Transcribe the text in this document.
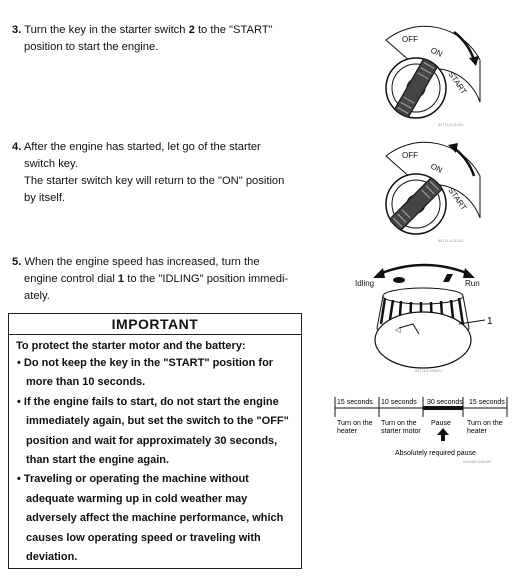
3. Turn the key in the starter switch 2 to the "START"
position to start the engine.
4. After the engine has started, let go of the starter
switch key.
The starter switch key will return to the "ON" position
by itself.
5. When the engine speed has increased, turn the
engine control dial 1 to the "IDLING" position immedi-
ately.
IMPORTANT
To protect the starter motor and the battery:
• Do not keep the key in the "START" position for more than 10 seconds.
• If the engine fails to start, do not start the engine immediately again, but set the switch to the "OFF" position and wait for approximately 30 seconds, than start the engine again.
• Traveling or operating the machine without adequate warming up in cold weather may adversely affect the machine performance, which causes low operating speed or traveling with deviation.
OFF
ON
START
847112-01200
OFF
ON
START
847114-01200
Idling	Run
◁
1
847114-068092
15 seconds 10 seconds 30 seconds 15 seconds
Turn on the
heater
Turn on the
starter motor
Pause Turn on the
heater
Absolutely required pause
046485-008280
